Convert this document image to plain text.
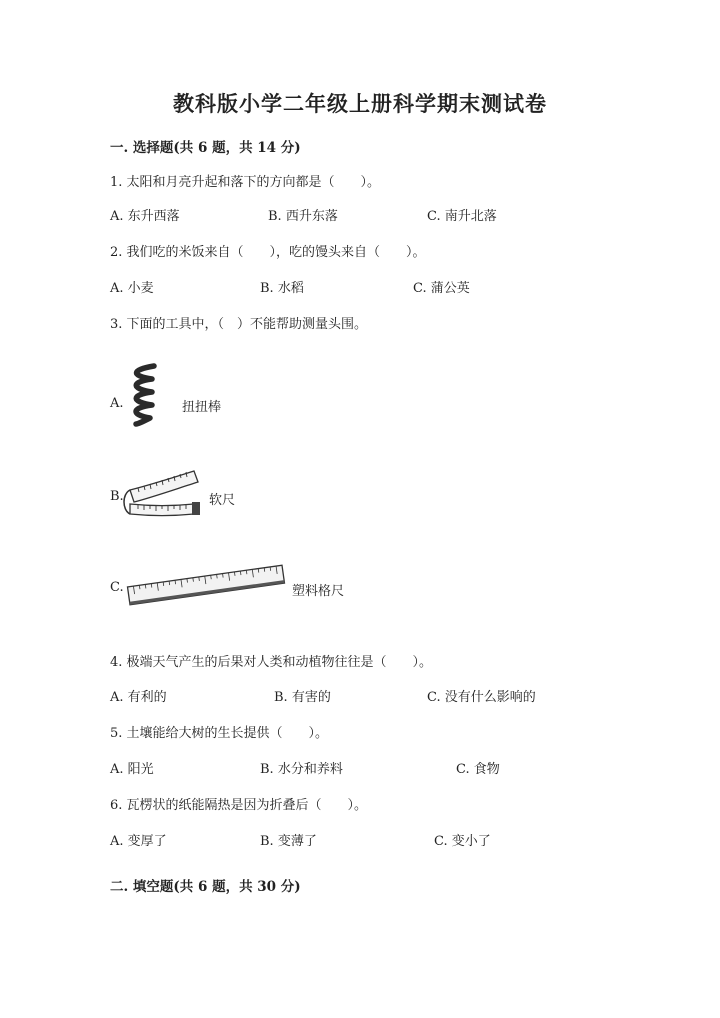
教科版小学二年级上册科学期末测试卷
一. 选择题(共 6 题，共 14 分)
1. 太阳和月亮升起和落下的方向都是（　　）。
A. 东升西落	B. 西升东落	C. 南升北落
2. 我们吃的米饭来自（　　），吃的馒头来自（　　）。
A. 小麦	B. 水稻	C. 蒲公英
3. 下面的工具中，（　）不能帮助测量头围。
A.	扭扭棒
B.	软尺
C.	塑料格尺
4. 极端天气产生的后果对人类和动植物往往是（　　）。
A. 有利的	B. 有害的	C. 没有什么影响的
5. 土壤能给大树的生长提供（　　）。
A. 阳光	B. 水分和养料	C. 食物
6. 瓦楞状的纸能隔热是因为折叠后（　　）。
A. 变厚了	B. 变薄了	C. 变小了
二. 填空题(共 6 题，共 30 分)
